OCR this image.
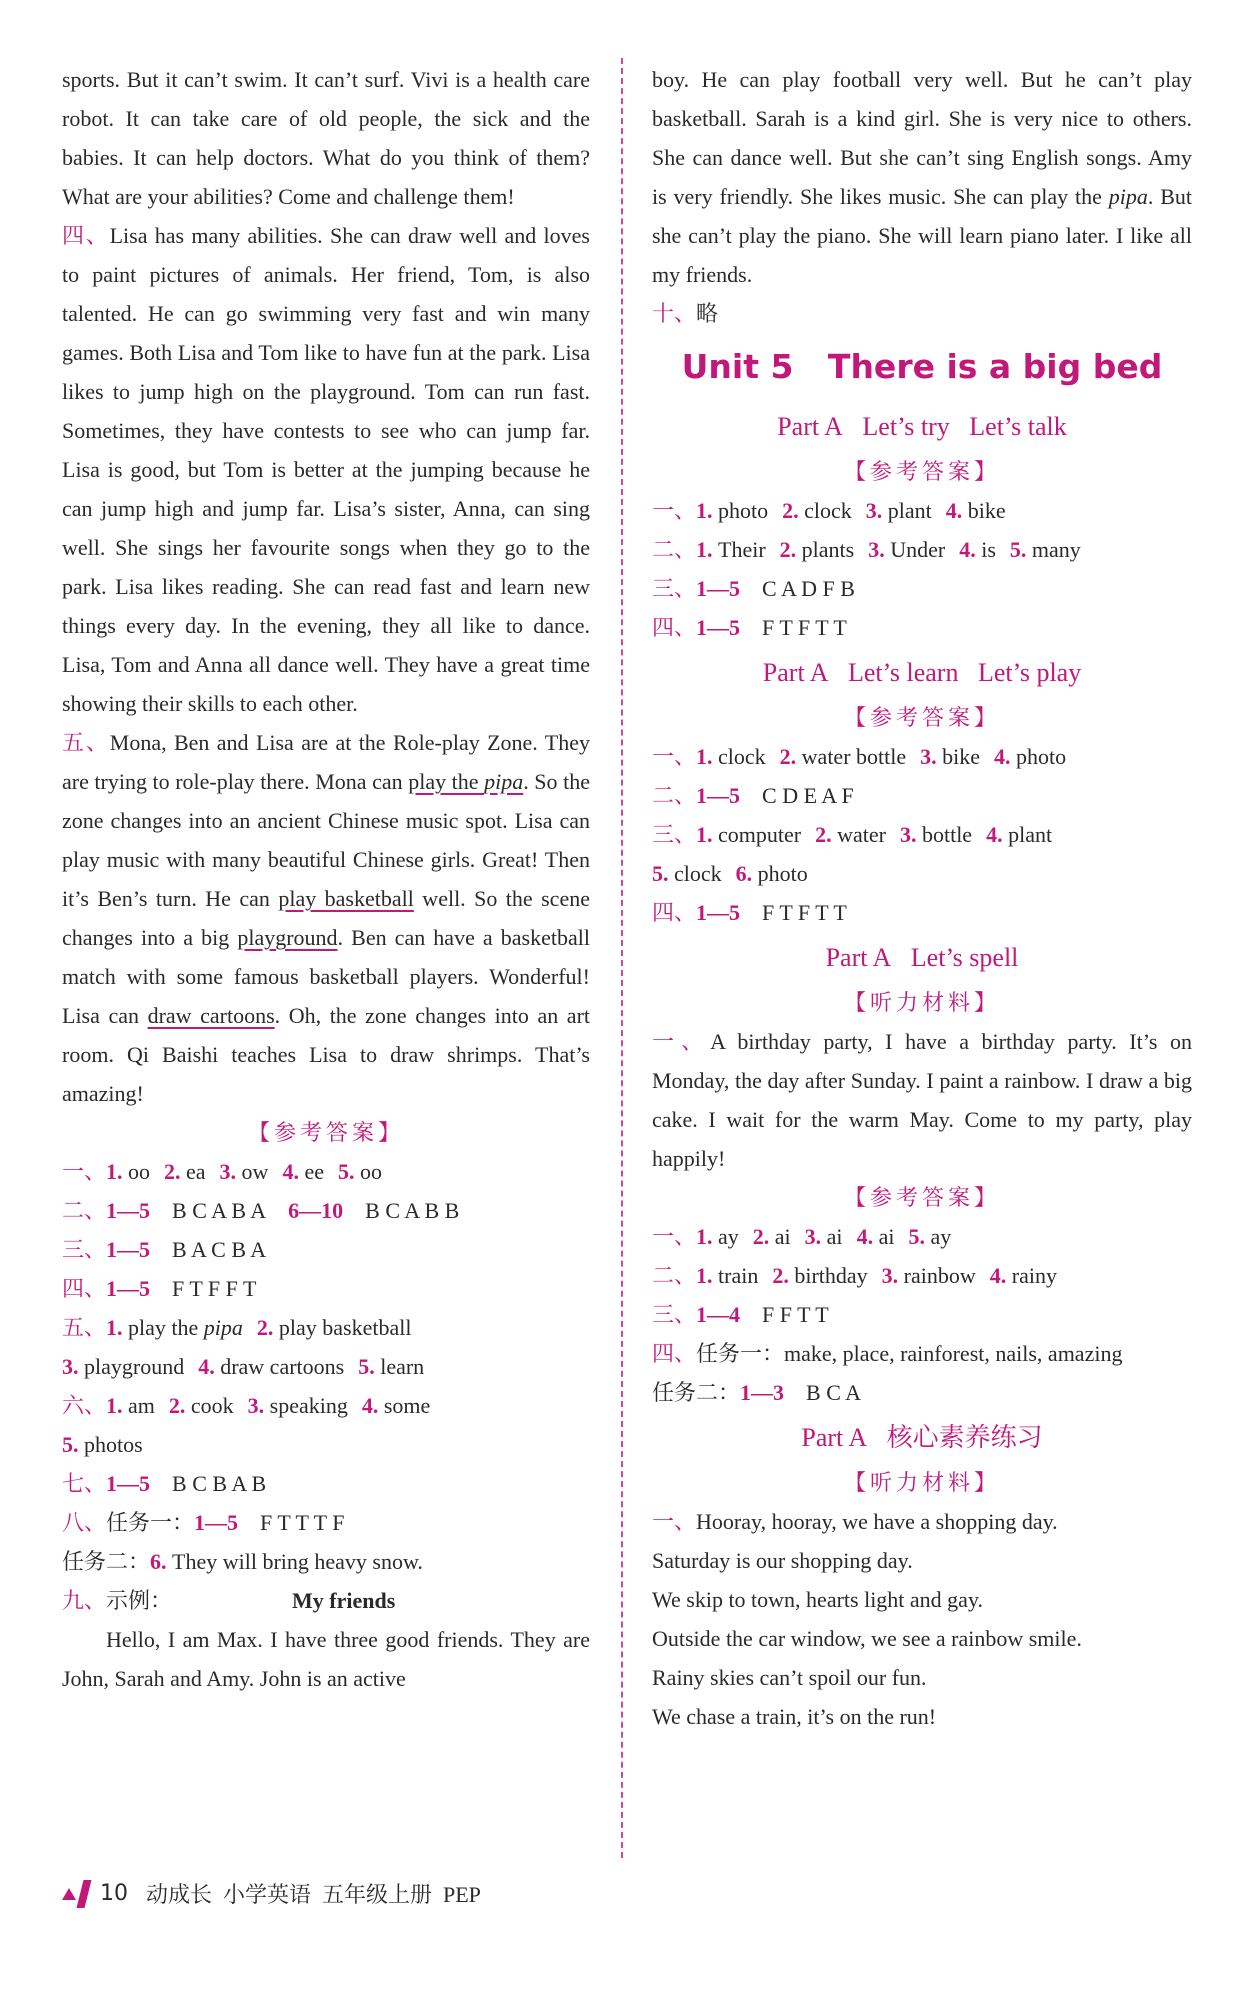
sports. But it can’t swim. It can’t surf. Vivi is a health care robot. It can take care of old people, the sick and the babies. It can help doctors. What do you think of them? What are your abilities? Come and challenge them!

四、Lisa has many abilities. She can draw well and loves to paint pictures of animals. Her friend, Tom, is also talented. He can go swimming very fast and win many games. Both Lisa and Tom like to have fun at the park. Lisa likes to jump high on the playground. Tom can run fast. Sometimes, they have contests to see who can jump far. Lisa is good, but Tom is better at the jumping because he can jump high and jump far. Lisa’s sister, Anna, can sing well. She sings her favourite songs when they go to the park. Lisa likes reading. She can read fast and learn new things every day. In the evening, they all like to dance. Lisa, Tom and Anna all dance well. They have a great time showing their skills to each other.

五、Mona, Ben and Lisa are at the Role-play Zone. They are trying to role-play there. Mona can play the pipa. So the zone changes into an ancient Chinese music spot. Lisa can play music with many beautiful Chinese girls. Great! Then it’s Ben’s turn. He can play basketball well. So the scene changes into a big playground. Ben can have a basketball match with some famous basketball players. Wonderful! Lisa can draw cartoons. Oh, the zone changes into an art room. Qi Baishi teaches Lisa to draw shrimps. That’s amazing!

【参考答案】

一、1. oo 2. ea 3. ow 4. ee 5. oo

二、1—5 B C A B A 6—10 B C A B B

三、1—5 B A C B A

四、1—5 F T F F T

五、1. play the pipa 2. play basketball

3. playground 4. draw cartoons 5. learn

六、1. am 2. cook 3. speaking 4. some

5. photos

七、1—5 B C B A B

八、任务一：1—5 F T T T F

任务二：6. They will bring heavy snow.

九、示例：	My friends

Hello, I am Max. I have three good friends. They are John, Sarah and Amy. John is an active

boy. He can play football very well. But he can’t play basketball. Sarah is a kind girl. She is very nice to others. She can dance well. But she can’t sing English songs. Amy is very friendly. She likes music. She can play the pipa. But she can’t play the piano. She will learn piano later. I like all my friends.

十、略

Unit 5   There is a big bed

Part A   Let’s try   Let’s talk

【参考答案】

一、1. photo 2. clock 3. plant 4. bike

二、1. Their 2. plants 3. Under 4. is 5. many

三、1—5 C A D F B

四、1—5 F T F T T

Part A   Let’s learn   Let’s play

【参考答案】

一、1. clock 2. water bottle 3. bike 4. photo

二、1—5 C D E A F

三、1. computer 2. water 3. bottle 4. plant

5. clock 6. photo

四、1—5 F T F T T

Part A   Let’s spell

【听力材料】

一、A birthday party, I have a birthday party. It’s on Monday, the day after Sunday. I paint a rainbow. I draw a big cake. I wait for the warm May. Come to my party, play happily!

【参考答案】

一、1. ay 2. ai 3. ai 4. ai 5. ay

二、1. train 2. birthday 3. rainbow 4. rainy

三、1—4 F F T T

四、任务一：make, place, rainforest, nails, amazing

任务二：1—3 B C A

Part A   核心素养练习

【听力材料】

一、Hooray, hooray, we have a shopping day.

Saturday is our shopping day.

We skip to town, hearts light and gay.

Outside the car window, we see a rainbow smile.

Rainy skies can’t spoil our fun.

We chase a train, it’s on the run!

10 动成长  小学英语  五年级上册  PEP
